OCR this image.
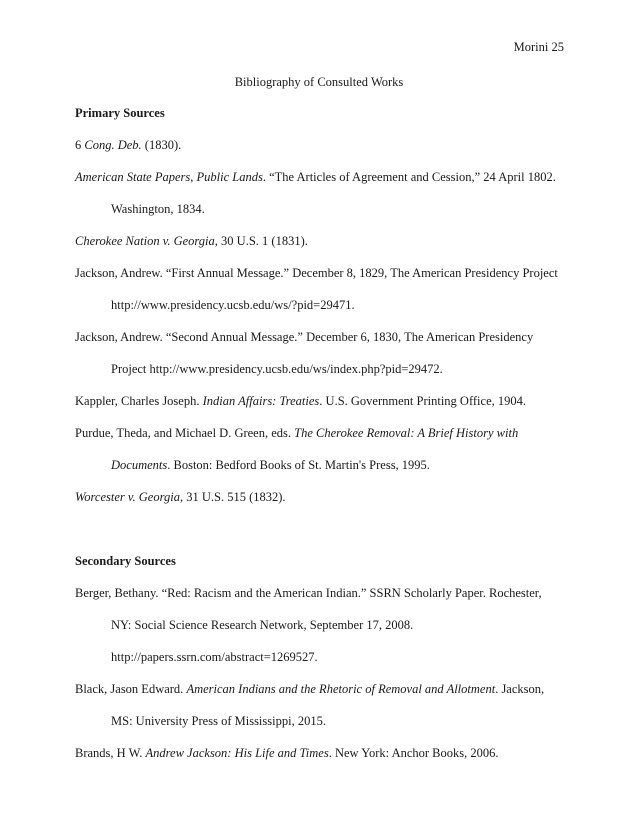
Morini 25
Bibliography of Consulted Works
Primary Sources
6 Cong. Deb. (1830).
American State Papers, Public Lands. “The Articles of Agreement and Cession,” 24 April 1802.
Washington, 1834.
Cherokee Nation v. Georgia, 30 U.S. 1 (1831).
Jackson, Andrew. “First Annual Message.” December 8, 1829, The American Presidency Project
http://www.presidency.ucsb.edu/ws/?pid=29471.
Jackson, Andrew. “Second Annual Message.” December 6, 1830, The American Presidency
Project http://www.presidency.ucsb.edu/ws/index.php?pid=29472.
Kappler, Charles Joseph. Indian Affairs: Treaties. U.S. Government Printing Office, 1904.
Purdue, Theda, and Michael D. Green, eds. The Cherokee Removal: A Brief History with
Documents. Boston: Bedford Books of St. Martin's Press, 1995.
Worcester v. Georgia, 31 U.S. 515 (1832).
Secondary Sources
Berger, Bethany. “Red: Racism and the American Indian.” SSRN Scholarly Paper. Rochester,
NY: Social Science Research Network, September 17, 2008.
http://papers.ssrn.com/abstract=1269527.
Black, Jason Edward. American Indians and the Rhetoric of Removal and Allotment. Jackson,
MS: University Press of Mississippi, 2015.
Brands, H W. Andrew Jackson: His Life and Times. New York: Anchor Books, 2006.
